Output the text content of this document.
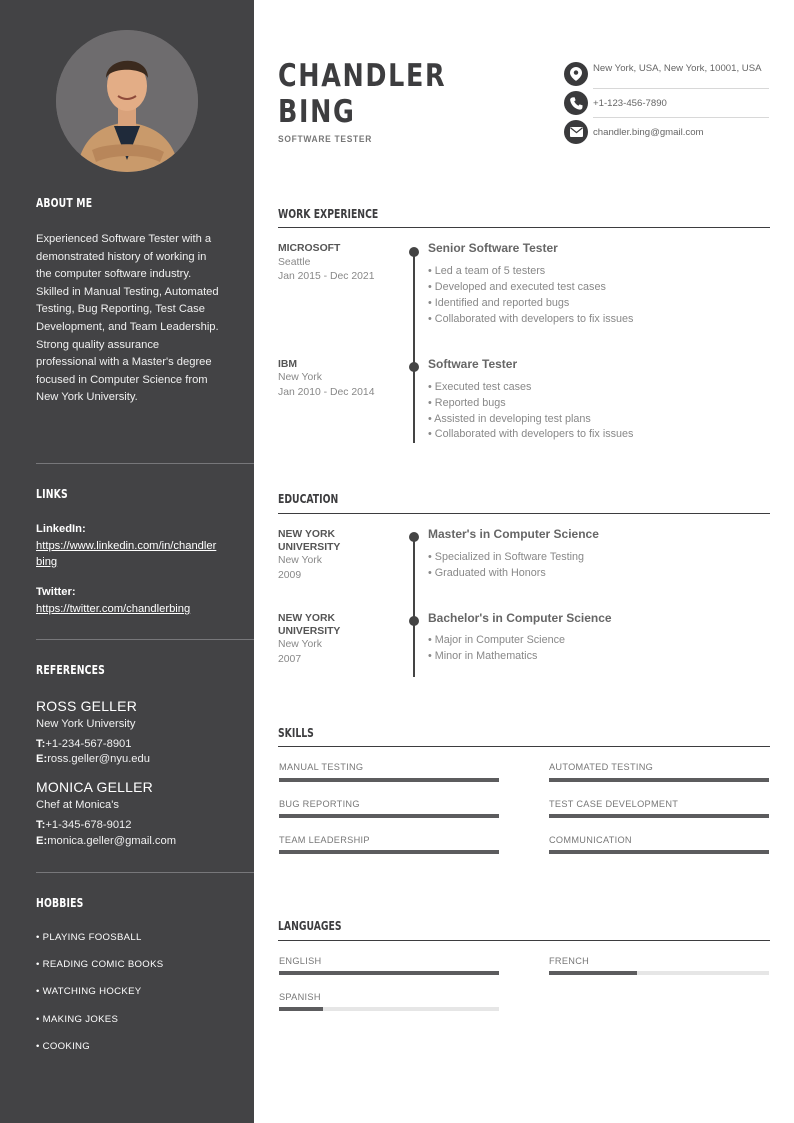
ABOUT ME
Experienced Software Tester with a demonstrated history of working in the computer software industry. Skilled in Manual Testing, Automated Testing, Bug Reporting, Test Case Development, and Team Leadership. Strong quality assurance professional with a Master's degree focused in Computer Science from New York University.
LINKS
LinkedIn:
https://www.linkedin.com/in/chandlerbing
Twitter:
https://twitter.com/chandlerbing
REFERENCES
ROSS GELLER
New York University
T:+1-234-567-8901
E:ross.geller@nyu.edu
MONICA GELLER
Chef at Monica's
T:+1-345-678-9012
E:monica.geller@gmail.com
HOBBIES
• PLAYING FOOSBALL
• READING COMIC BOOKS
• WATCHING HOCKEY
• MAKING JOKES
• COOKING
CHANDLER
BING
SOFTWARE TESTER
New York, USA, New York, 10001, USA
+1-123-456-7890
chandler.bing@gmail.com
WORK EXPERIENCE
MICROSOFT
Seattle
Jan 2015 - Dec 2021
Senior Software Tester
• Led a team of 5 testers
• Developed and executed test cases
• Identified and reported bugs
• Collaborated with developers to fix issues
IBM
New York
Jan 2010 - Dec 2014
Software Tester
• Executed test cases
• Reported bugs
• Assisted in developing test plans
• Collaborated with developers to fix issues
EDUCATION
NEW YORK UNIVERSITY
New York
2009
Master's in Computer Science
• Specialized in Software Testing
• Graduated with Honors
NEW YORK UNIVERSITY
New York
2007
Bachelor's in Computer Science
• Major in Computer Science
• Minor in Mathematics
SKILLS
MANUAL TESTING	AUTOMATED TESTING
BUG REPORTING	TEST CASE DEVELOPMENT
TEAM LEADERSHIP	COMMUNICATION
LANGUAGES
ENGLISH	FRENCH
SPANISH
